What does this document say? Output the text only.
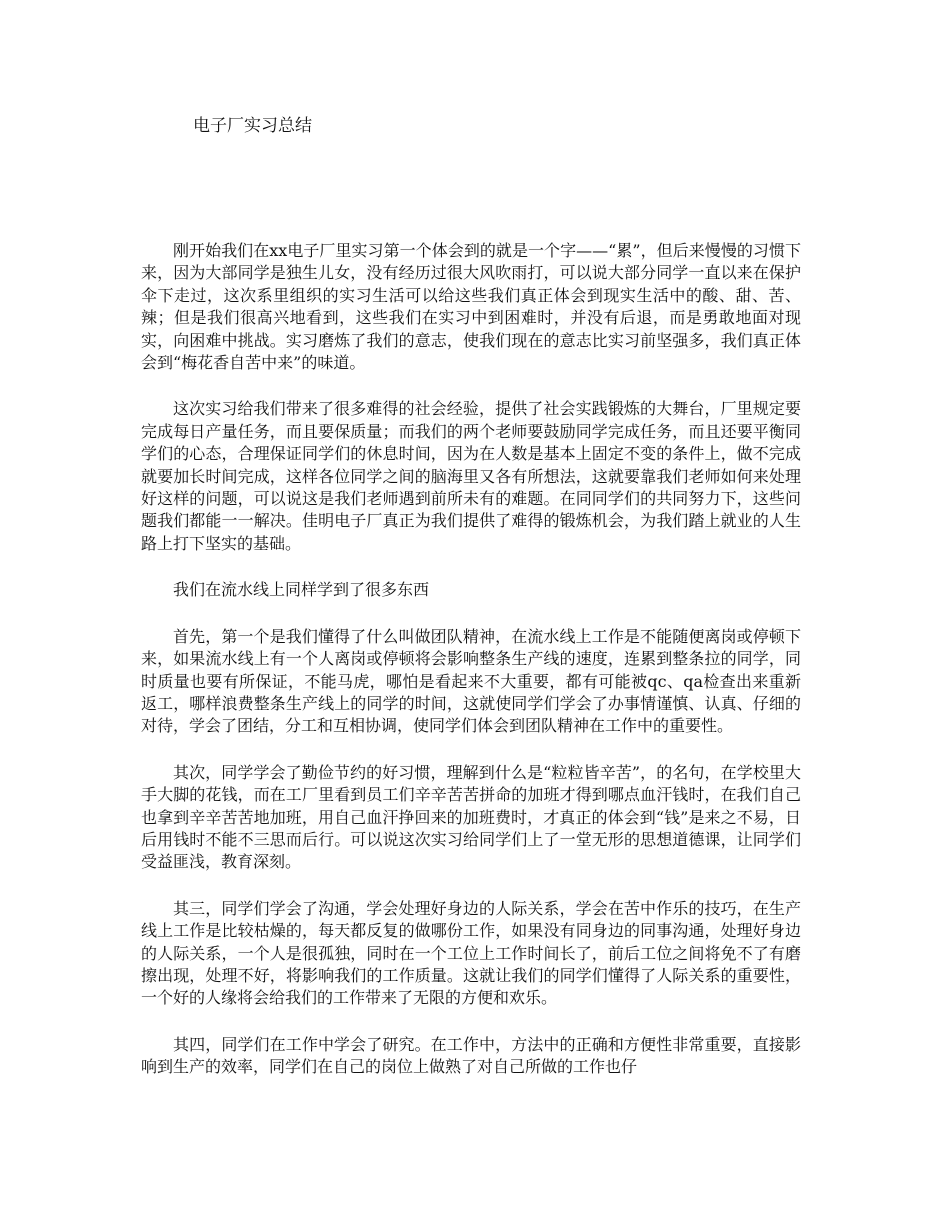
电子厂实习总结

刚开始我们在xx电子厂里实习第一个体会到的就是一个字——“累”，但后来慢慢的习惯下来，因为大部同学是独生儿女，没有经历过很大风吹雨打，可以说大部分同学一直以来在保护伞下走过，这次系里组织的实习生活可以给这些我们真正体会到现实生活中的酸、甜、苦、辣；但是我们很高兴地看到，这些我们在实习中到困难时，并没有后退，而是勇敢地面对现实，向困难中挑战。实习磨炼了我们的意志，使我们现在的意志比实习前坚强多，我们真正体会到“梅花香自苦中来”的味道。

这次实习给我们带来了很多难得的社会经验，提供了社会实践锻炼的大舞台，厂里规定要完成每日产量任务，而且要保质量；而我们的两个老师要鼓励同学完成任务，而且还要平衡同学们的心态，合理保证同学们的休息时间，因为在人数是基本上固定不变的条件上，做不完成就要加长时间完成，这样各位同学之间的脑海里又各有所想法，这就要靠我们老师如何来处理好这样的问题，可以说这是我们老师遇到前所未有的难题。在同同学们的共同努力下，这些问题我们都能一一解决。佳明电子厂真正为我们提供了难得的锻炼机会，为我们踏上就业的人生路上打下坚实的基础。

我们在流水线上同样学到了很多东西

首先，第一个是我们懂得了什么叫做团队精神，在流水线上工作是不能随便离岗或停顿下来，如果流水线上有一个人离岗或停顿将会影响整条生产线的速度，连累到整条拉的同学，同时质量也要有所保证，不能马虎，哪怕是看起来不大重要，都有可能被qc、qa检查出来重新返工，哪样浪费整条生产线上的同学的时间，这就使同学们学会了办事情谨慎、认真、仔细的对待，学会了团结，分工和互相协调，使同学们体会到团队精神在工作中的重要性。

其次，同学学会了勤俭节约的好习惯，理解到什么是“粒粒皆辛苦”，的名句，在学校里大手大脚的花钱，而在工厂里看到员工们辛辛苦苦拼命的加班才得到哪点血汗钱时，在我们自己也拿到辛辛苦苦地加班，用自己血汗挣回来的加班费时，才真正的体会到“钱”是来之不易，日后用钱时不能不三思而后行。可以说这次实习给同学们上了一堂无形的思想道德课，让同学们受益匪浅，教育深刻。

其三，同学们学会了沟通，学会处理好身边的人际关系，学会在苦中作乐的技巧，在生产线上工作是比较枯燥的，每天都反复的做哪份工作，如果没有同身边的同事沟通，处理好身边的人际关系，一个人是很孤独，同时在一个工位上工作时间长了，前后工位之间将免不了有磨擦出现，处理不好，将影响我们的工作质量。这就让我们的同学们懂得了人际关系的重要性，一个好的人缘将会给我们的工作带来了无限的方便和欢乐。

其四，同学们在工作中学会了研究。在工作中，方法中的正确和方便性非常重要，直接影响到生产的效率，同学们在自己的岗位上做熟了对自己所做的工作也仔
